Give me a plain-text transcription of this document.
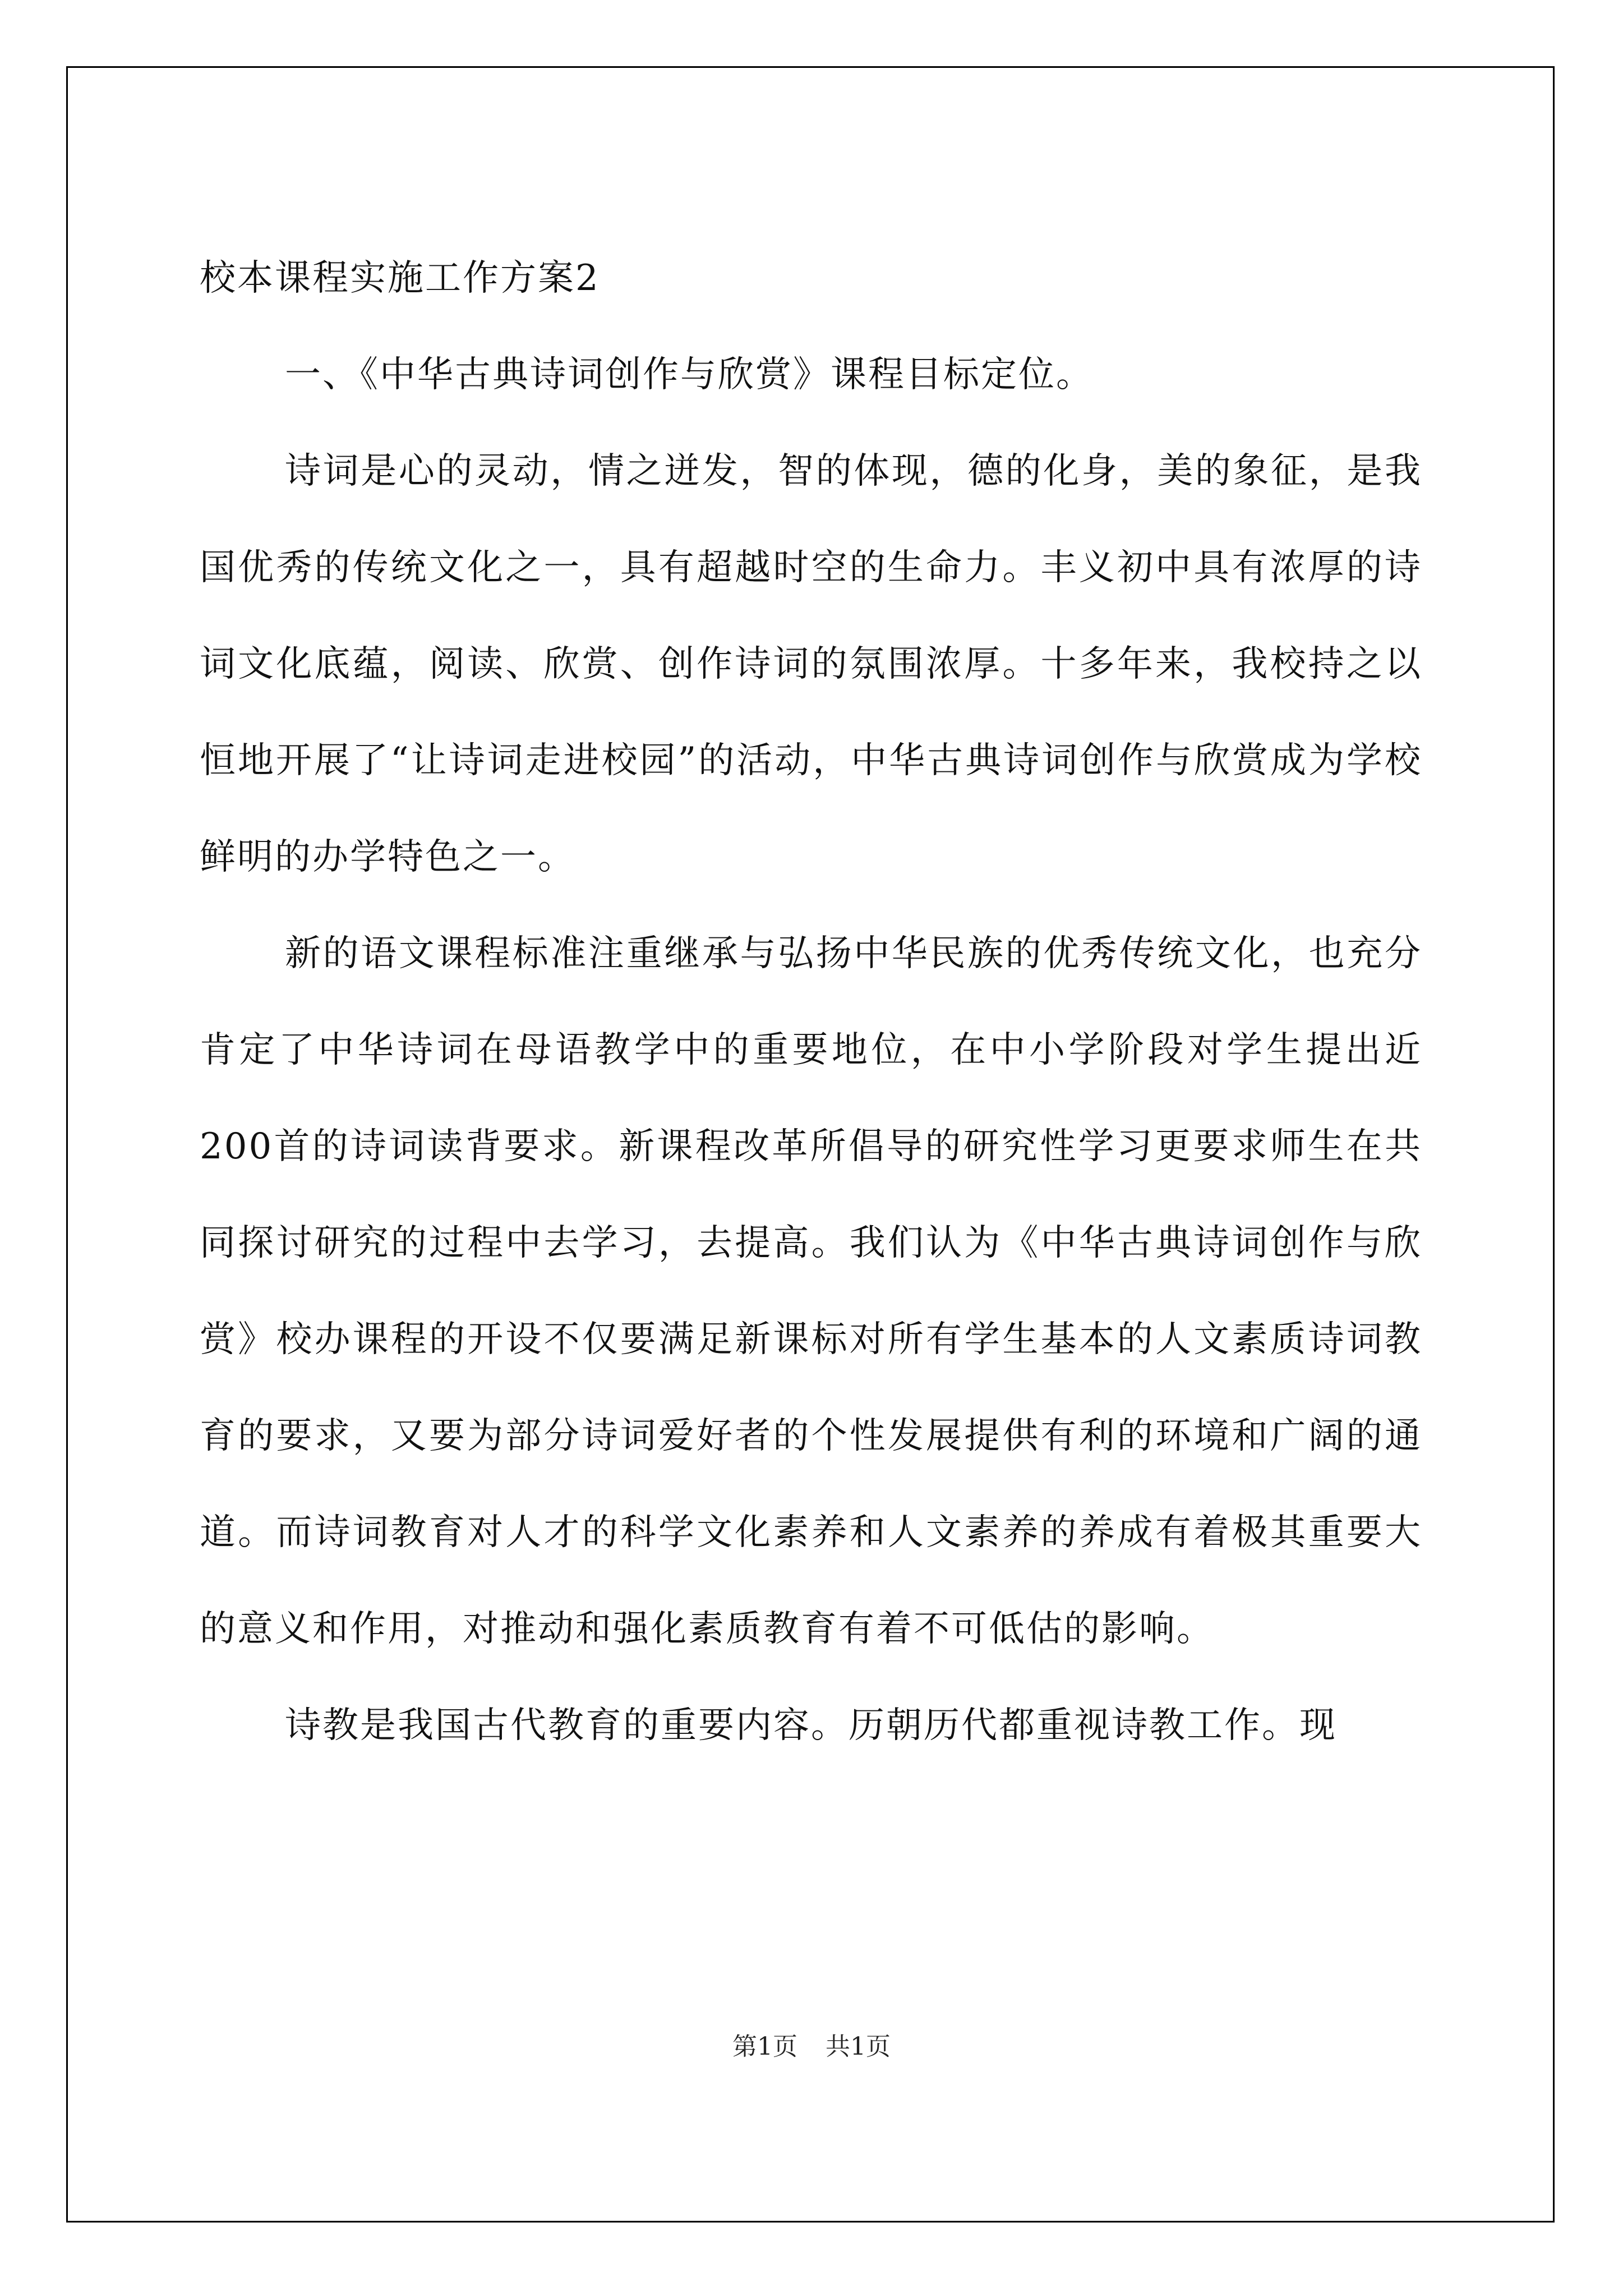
校本课程实施工作方案2

一、《中华古典诗词创作与欣赏》课程目标定位。

诗词是心的灵动，情之迸发，智的体现，德的化身，美的象征，是我国优秀的传统文化之一，具有超越时空的生命力。丰义初中具有浓厚的诗词文化底蕴，阅读、欣赏、创作诗词的氛围浓厚。十多年来，我校持之以恒地开展了“让诗词走进校园”的活动，中华古典诗词创作与欣赏成为学校鲜明的办学特色之一。

新的语文课程标准注重继承与弘扬中华民族的优秀传统文化，也充分肯定了中华诗词在母语教学中的重要地位，在中小学阶段对学生提出近200首的诗词读背要求。新课程改革所倡导的研究性学习更要求师生在共同探讨研究的过程中去学习，去提高。我们认为《中华古典诗词创作与欣赏》校办课程的开设不仅要满足新课标对所有学生基本的人文素质诗词教育的要求，又要为部分诗词爱好者的个性发展提供有利的环境和广阔的通道。而诗词教育对人才的科学文化素养和人文素养的养成有着极其重要大的意义和作用，对推动和强化素质教育有着不可低估的影响。

诗教是我国古代教育的重要内容。历朝历代都重视诗教工作。现

第1页 共1页
